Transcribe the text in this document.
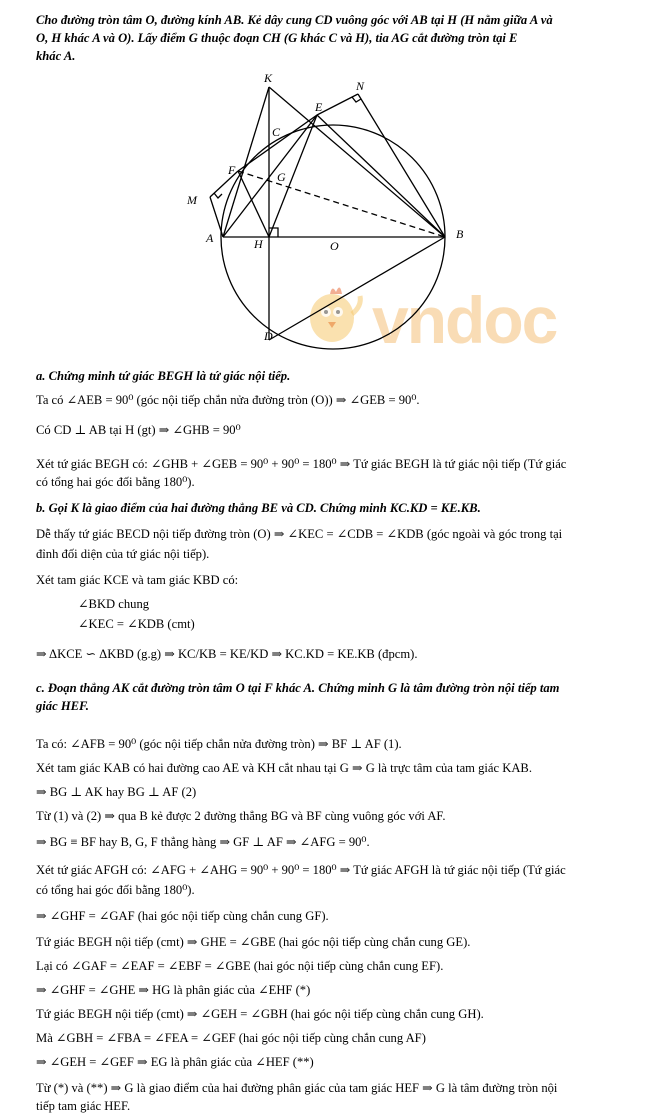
Cho đường tròn tâm O, đường kính AB. Kẻ dây cung CD vuông góc với AB tại H (H nằm giữa A và
O, H khác A và O). Lấy điểm G thuộc đoạn CH (G khác C và H), tia AG cắt đường tròn tại E
khác A.
vndoc
K
N
E
C
F	G
M
A	H	O
B
D
a. Chứng minh tứ giác BEGH là tứ giác nội tiếp.
Ta có ∠AEB = 90⁰ (góc nội tiếp chắn nửa đường tròn (O)) ⇒ ∠GEB = 90⁰.
Có CD ⊥ AB tại H (gt) ⇒ ∠GHB = 90⁰
Xét tứ giác BEGH có: ∠GHB + ∠GEB = 90⁰ + 90⁰ = 180⁰ ⇒ Tứ giác BEGH là tứ giác nội tiếp (Tứ giác
có tổng hai góc đối bằng 180⁰).
b. Gọi K là giao điểm của hai đường thẳng BE và CD. Chứng minh KC.KD = KE.KB.
Dễ thấy tứ giác BECD nội tiếp đường tròn (O) ⇒ ∠KEC = ∠CDB = ∠KDB (góc ngoài và góc trong tại
đỉnh đối diện của tứ giác nội tiếp).
Xét tam giác KCE và tam giác KBD có:
∠BKD chung
∠KEC = ∠KDB (cmt)
⇒ ΔKCE ∽ ΔKBD (g.g) ⇒ KC/KB = KE/KD ⇒ KC.KD = KE.KB (đpcm).
c. Đoạn thẳng AK cắt đường tròn tâm O tại F khác A. Chứng minh G là tâm đường tròn nội tiếp tam
giác HEF.
Ta có: ∠AFB = 90⁰ (góc nội tiếp chắn nửa đường tròn) ⇒ BF ⊥ AF (1).
Xét tam giác KAB có hai đường cao AE và KH cắt nhau tại G ⇒ G là trực tâm của tam giác KAB.
⇒ BG ⊥ AK hay BG ⊥ AF (2)
Từ (1) và (2) ⇒ qua B kẻ được 2 đường thẳng BG và BF cùng vuông góc với AF.
⇒ BG ≡ BF hay B, G, F thẳng hàng ⇒ GF ⊥ AF ⇒ ∠AFG = 90⁰.
Xét tứ giác AFGH có: ∠AFG + ∠AHG = 90⁰ + 90⁰ = 180⁰ ⇒ Tứ giác AFGH là tứ giác nội tiếp (Tứ giác
có tổng hai góc đối bằng 180⁰).
⇒ ∠GHF = ∠GAF (hai góc nội tiếp cùng chắn cung GF).
Tứ giác BEGH nội tiếp (cmt) ⇒ GHE = ∠GBE (hai góc nội tiếp cùng chắn cung GE).
Lại có ∠GAF = ∠EAF = ∠EBF = ∠GBE (hai góc nội tiếp cùng chắn cung EF).
⇒ ∠GHF = ∠GHE ⇒ HG là phân giác của ∠EHF (*)
Tứ giác BEGH nội tiếp (cmt) ⇒ ∠GEH = ∠GBH (hai góc nội tiếp cùng chắn cung GH).
Mà ∠GBH = ∠FBA = ∠FEA = ∠GEF (hai góc nội tiếp cùng chắn cung AF)
⇒ ∠GEH = ∠GEF ⇒ EG là phân giác của ∠HEF (**)
Từ (*) và (**) ⇒ G là giao điểm của hai đường phân giác của tam giác HEF ⇒ G là tâm đường tròn nội
tiếp tam giác HEF.
